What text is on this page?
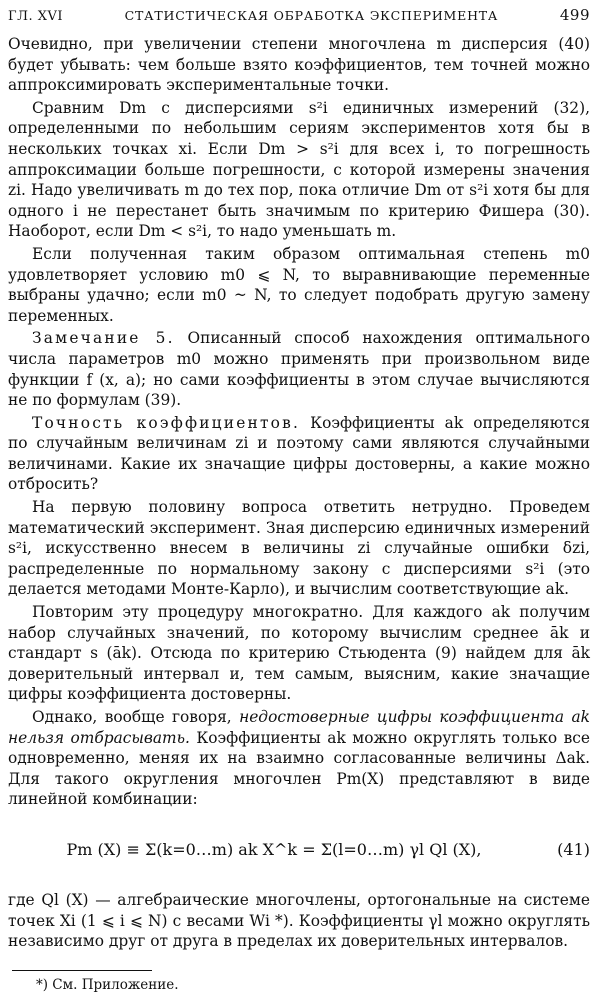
ГЛ. XVI	СТАТИСТИЧЕСКАЯ ОБРАБОТКА ЭКСПЕРИМЕНТА	499

Очевидно, при увеличении степени многочлена m дисперсия (40) будет убывать: чем больше взято коэффициентов, тем точней можно аппроксимировать экспериментальные точки.

Сравним Dm с дисперсиями s²i единичных измерений (32), определенными по небольшим сериям экспериментов хотя бы в нескольких точках xi. Если Dm > s²i для всех i, то погрешность аппроксимации больше погрешности, с которой измерены значения zi. Надо увеличивать m до тех пор, пока отличие Dm от s²i хотя бы для одного i не перестанет быть значимым по критерию Фишера (30). Наоборот, если Dm < s²i, то надо уменьшать m.

Если полученная таким образом оптимальная степень m0 удовлетворяет условию m0 ⩽ N, то выравнивающие переменные выбраны удачно; если m0 ~ N, то следует подобрать другую замену переменных.

Замечание 5. Описанный способ нахождения оптимального числа параметров m0 можно применять при произвольном виде функции f (x, a); но сами коэффициенты в этом случае вычисляются не по формулам (39).

Точность коэффициентов. Коэффициенты ak определяются по случайным величинам zi и поэтому сами являются случайными величинами. Какие их значащие цифры достоверны, а какие можно отбросить?

На первую половину вопроса ответить нетрудно. Проведем математический эксперимент. Зная дисперсию единичных измерений s²i, искусственно внесем в величины zi случайные ошибки δzi, распределенные по нормальному закону с дисперсиями s²i (это делается методами Монте-Карло), и вычислим соответствующие ak.

Повторим эту процедуру многократно. Для каждого ak получим набор случайных значений, по которому вычислим среднее āk и стандарт s (āk). Отсюда по критерию Стьюдента (9) найдем для āk доверительный интервал и, тем самым, выясним, какие значащие цифры коэффициента достоверны.

Однако, вообще говоря, недостоверные цифры коэффициента ak нельзя отбрасывать. Коэффициенты ak можно округлять только все одновременно, меняя их на взаимно согласованные величины Δak. Для такого округления многочлен Pm(X) представляют в виде линейной комбинации:

Pm (X) ≡ Σ(k=0…m) ak X^k = Σ(l=0…m) γl Ql (X),	(41)

где Ql (X) — алгебраические многочлены, ортогональные на системе точек Xi (1 ⩽ i ⩽ N) с весами Wi *). Коэффициенты γl можно округлять независимо друг от друга в пределах их доверительных интервалов.

*) См. Приложение.
